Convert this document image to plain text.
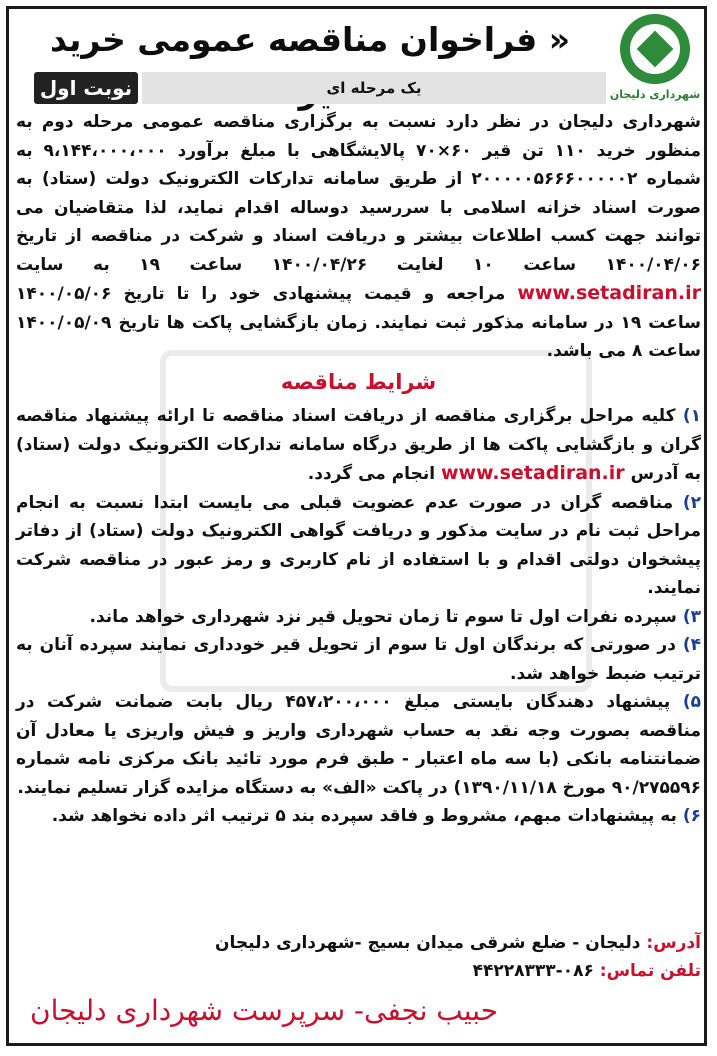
شهرداری دلیجان
« فراخوان مناقصه عمومی خرید
نوبت اول	یک مرحله ای
شهرداری دلیجان در نظر دارد نسبت به برگزاری مناقصه عمومی مرحله دوم به منظور خرید ۱۱۰ تن قیر ۶۰×۷۰ پالایشگاهی با مبلغ برآورد ۹،۱۴۴،۰۰۰،۰۰۰ به شماره ۲۰۰۰۰۰۵۶۶۶۰۰۰۰۰۲ از طریق سامانه تدارکات الکترونیک دولت (ستاد) به صورت اسناد خزانه اسلامی با سررسید دوساله اقدام نماید، لذا متقاضیان می توانند جهت کسب اطلاعات بیشتر و دریافت اسناد و شرکت در مناقصه از تاریخ ۱۴۰۰/۰۴/۰۶ ساعت ۱۰ لغایت ۱۴۰۰/۰۴/۲۶ ساعت ۱۹ به سایت www.setadiran.ir مراجعه و قیمت پیشنهادی خود را تا تاریخ ۱۴۰۰/۰۵/۰۶ ساعت ۱۹ در سامانه مذکور ثبت نمایند. زمان بازگشایی پاکت ها تاریخ ۱۴۰۰/۰۵/۰۹ ساعت ۸ می باشد.
شرایط مناقصه

۱) کلیه مراحل برگزاری مناقصه از دریافت اسناد مناقصه تا ارائه پیشنهاد مناقصه گران و بازگشایی پاکت ها از طریق درگاه سامانه تدارکات الکترونیک دولت (ستاد) به آدرس www.setadiran.ir انجام می گردد.

۲) مناقصه گران در صورت عدم عضویت قبلی می بایست ابتدا نسبت به انجام مراحل ثبت نام در سایت مذکور و دریافت گواهی الکترونیک دولت (ستاد) از دفاتر پیشخوان دولتی اقدام و با استفاده از نام کاربری و رمز عبور در مناقصه شرکت نمایند.

۳) سپرده نفرات اول تا سوم تا زمان تحویل قیر نزد شهرداری خواهد ماند.

۴) در صورتی که برندگان اول تا سوم از تحویل قیر خودداری نمایند سپرده آنان به ترتیب ضبط خواهد شد.

۵) پیشنهاد دهندگان بایستی مبلغ ۴۵۷،۲۰۰،۰۰۰ ریال بابت ضمانت شرکت در مناقصه بصورت وجه نقد به حساب شهرداری واریز و فیش واریزی یا معادل آن ضمانتنامه بانکی (با سه ماه اعتبار - طبق فرم مورد تائید بانک مرکزی نامه شماره ۹۰/۲۷۵۵۹۶ مورخ ۱۳۹۰/۱۱/۱۸) در پاکت «الف» به دستگاه مزایده گزار تسلیم نمایند.

۶) به پیشنهادات مبهم، مشروط و فاقد سپرده بند ۵ ترتیب اثر داده نخواهد شد.

آدرس: دلیجان - ضلع شرقی میدان بسیج -شهرداری دلیجان
تلفن تماس: ۰۸۶-۴۴۲۲۸۳۳۳
حبیب نجفی- سرپرست شهرداری دلیجان
